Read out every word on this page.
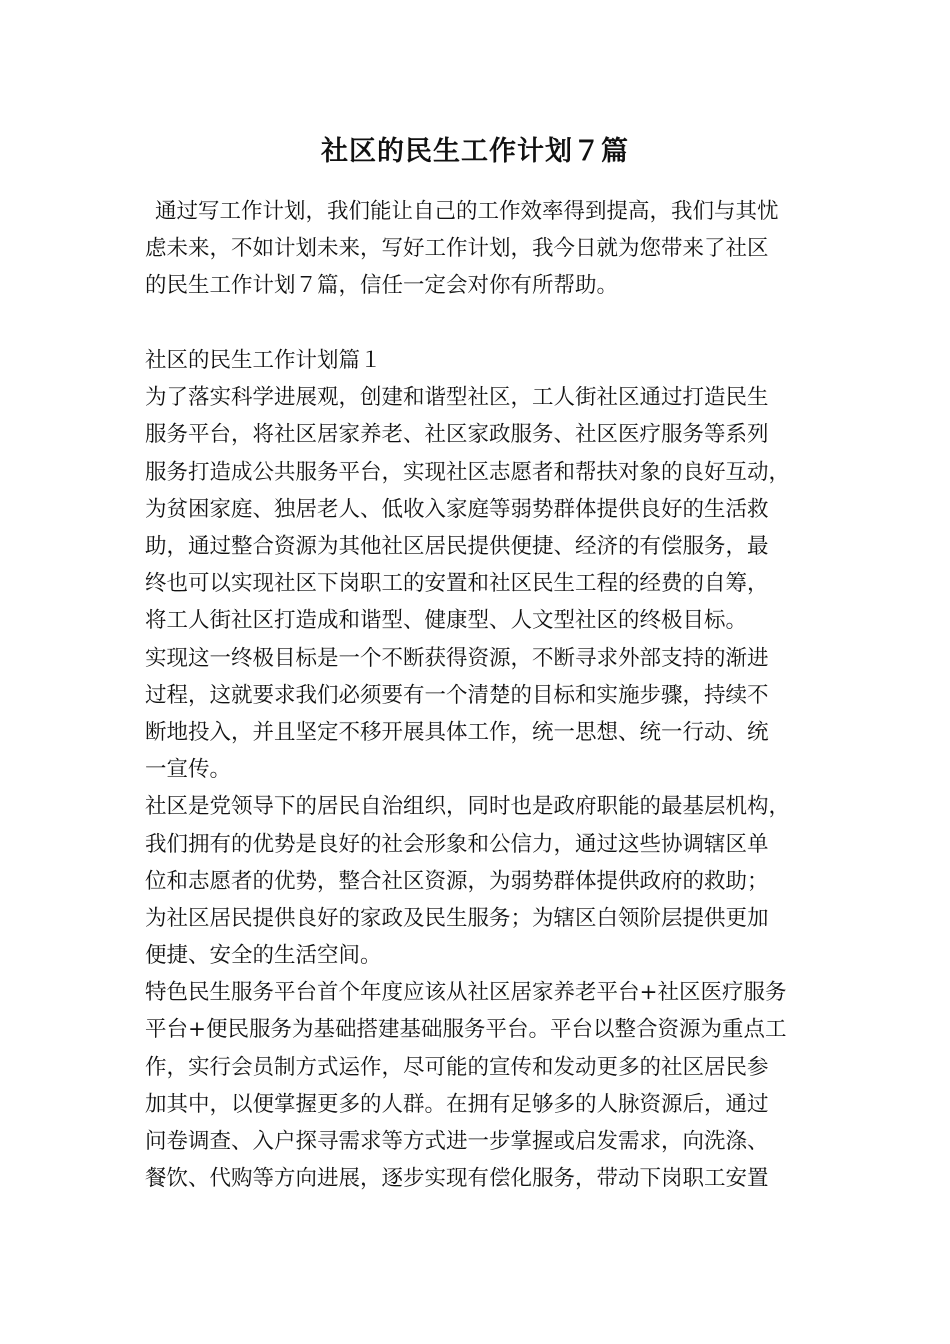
社区的民生工作计划７篇
通过写工作计划，我们能让自己的工作效率得到提高，我们与其忧
虑未来，不如计划未来，写好工作计划，我今日就为您带来了社区
的民生工作计划７篇，信任一定会对你有所帮助。
社区的民生工作计划篇１
为了落实科学进展观，创建和谐型社区，工人街社区通过打造民生
服务平台，将社区居家养老、社区家政服务、社区医疗服务等系列
服务打造成公共服务平台，实现社区志愿者和帮扶对象的良好互动，
为贫困家庭、独居老人、低收入家庭等弱势群体提供良好的生活救
助，通过整合资源为其他社区居民提供便捷、经济的有偿服务，最
终也可以实现社区下岗职工的安置和社区民生工程的经费的自筹，
将工人街社区打造成和谐型、健康型、人文型社区的终极目标。
实现这一终极目标是一个不断获得资源，不断寻求外部支持的渐进
过程，这就要求我们必须要有一个清楚的目标和实施步骤，持续不
断地投入，并且坚定不移开展具体工作，统一思想、统一行动、统
一宣传。
社区是党领导下的居民自治组织，同时也是政府职能的最基层机构，
我们拥有的优势是良好的社会形象和公信力，通过这些协调辖区单
位和志愿者的优势，整合社区资源，为弱势群体提供政府的救助；
为社区居民提供良好的家政及民生服务；为辖区白领阶层提供更加
便捷、安全的生活空间。
特色民生服务平台首个年度应该从社区居家养老平台+社区医疗服务
平台+便民服务为基础搭建基础服务平台。平台以整合资源为重点工
作，实行会员制方式运作，尽可能的宣传和发动更多的社区居民参
加其中，以便掌握更多的人群。在拥有足够多的人脉资源后，通过
问卷调查、入户探寻需求等方式进一步掌握或启发需求，向洗涤、
餐饮、代购等方向进展，逐步实现有偿化服务，带动下岗职工安置
